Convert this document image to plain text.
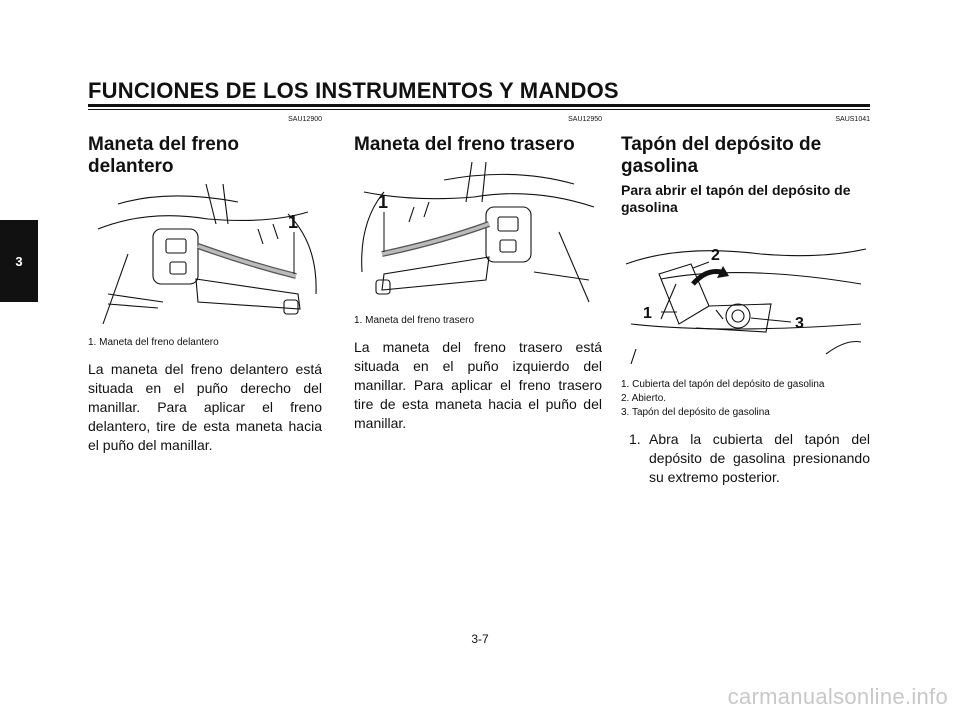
FUNCIONES DE LOS INSTRUMENTOS Y MANDOS
3
SAU12900
Maneta del freno delantero
1

1. Maneta del freno delantero

La maneta del freno delantero está situada en el puño derecho del manillar. Para aplicar el freno delantero, tire de esta maneta hacia el puño del manillar.

SAU12950
Maneta del freno trasero
1

1. Maneta del freno trasero

La maneta del freno trasero está situada en el puño izquierdo del manillar. Para aplicar el freno trasero tire de esta maneta hacia el puño del manillar.

SAUS1041
Tapón del depósito de gasolina
Para abrir el tapón del depósito de gasolina
1
2
3

1. Cubierta del tapón del depósito de gasolina

2. Abierto.

3. Tapón del depósito de gasolina

1. Abra la cubierta del tapón del depósito de gasolina presionando su extremo posterior.
3-7
carmanualsonline.info
